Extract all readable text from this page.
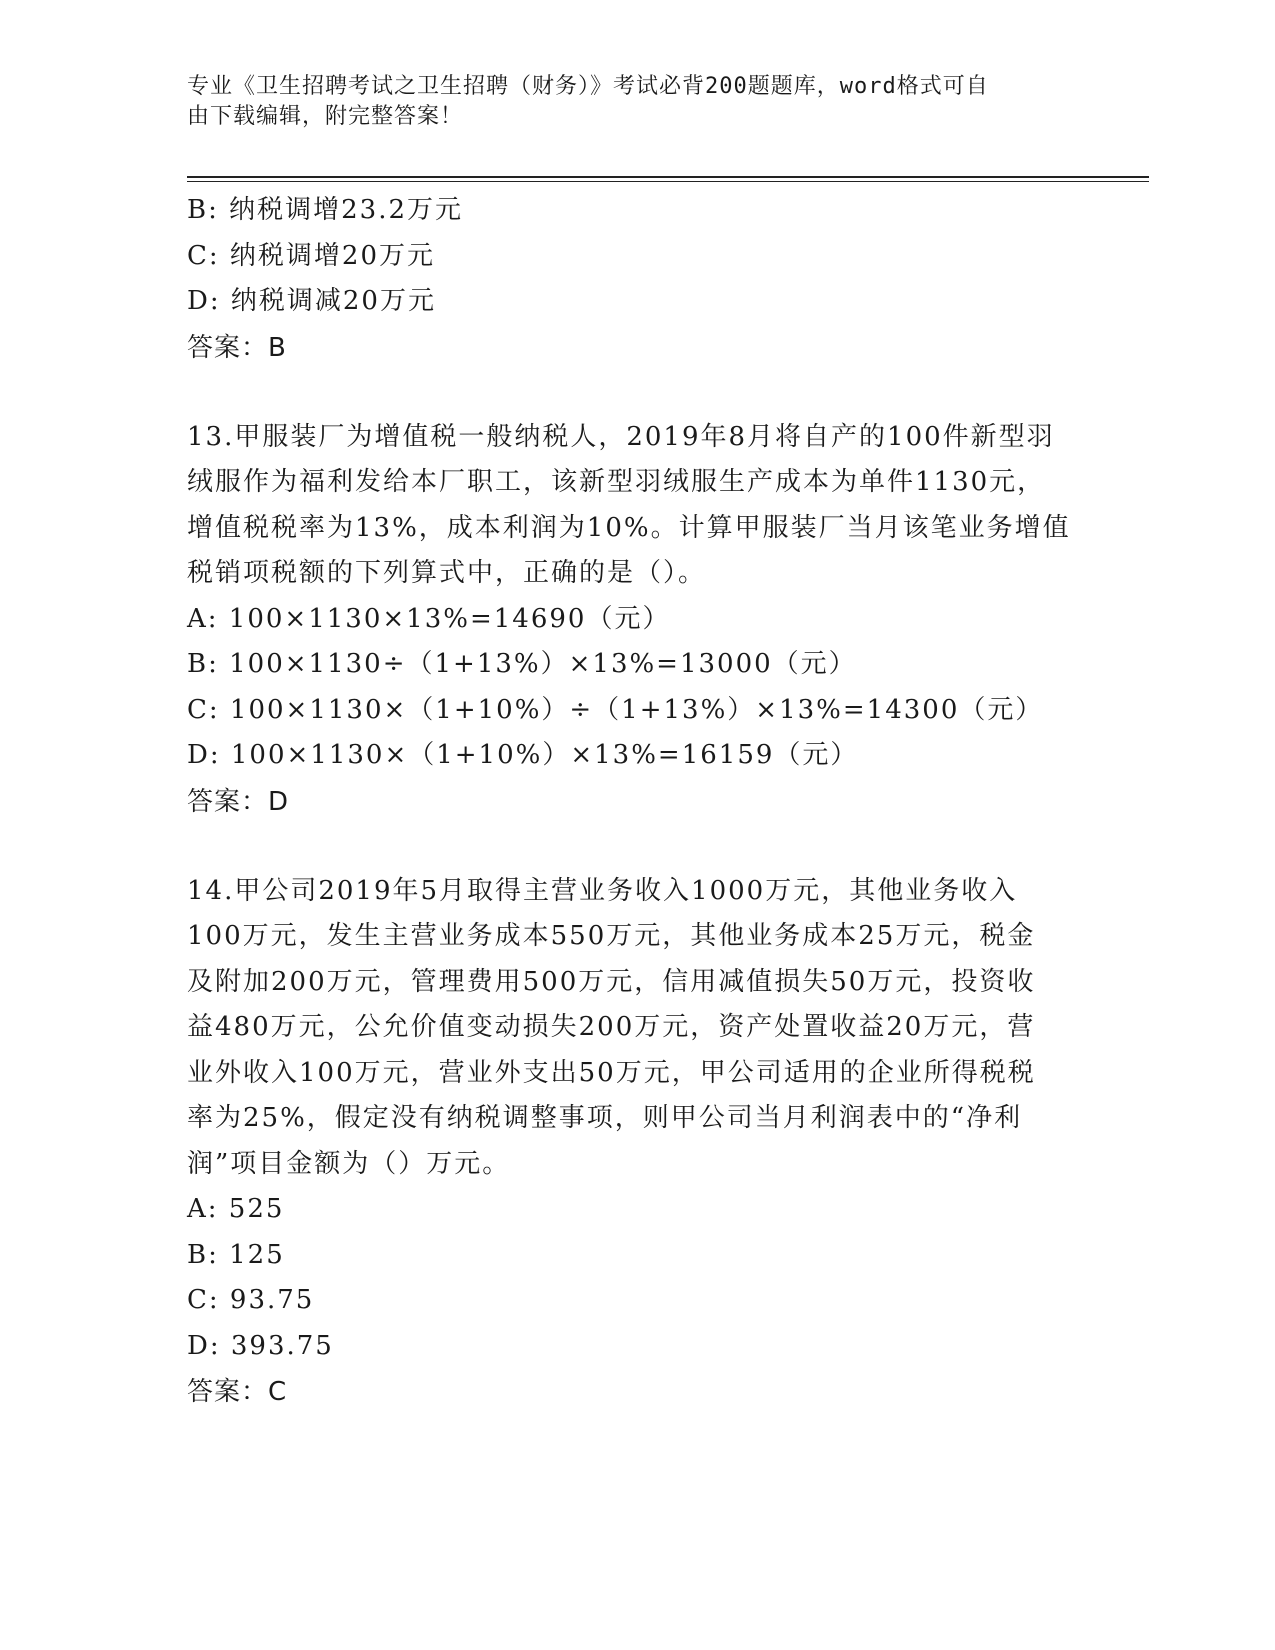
专业《卫生招聘考试之卫生招聘（财务）》考试必背200题题库，word格式可自
由下载编辑，附完整答案！
B: 纳税调增23.2万元
C: 纳税调增20万元
D: 纳税调减20万元
答案：B
13.甲服装厂为增值税一般纳税人，2019年8月将自产的100件新型羽
绒服作为福利发给本厂职工，该新型羽绒服生产成本为单件1130元，
增值税税率为13%，成本利润为10%。计算甲服装厂当月该笔业务增值
税销项税额的下列算式中，正确的是（）。
A: 100×1130×13%=14690（元）
B: 100×1130÷（1+13%）×13%=13000（元）
C: 100×1130×（1+10%）÷（1+13%）×13%=14300（元）
D: 100×1130×（1+10%）×13%=16159（元）
答案：D
14.甲公司2019年5月取得主营业务收入1000万元，其他业务收入
100万元，发生主营业务成本550万元，其他业务成本25万元，税金
及附加200万元，管理费用500万元，信用减值损失50万元，投资收
益480万元，公允价值变动损失200万元，资产处置收益20万元，营
业外收入100万元，营业外支出50万元，甲公司适用的企业所得税税
率为25%，假定没有纳税调整事项，则甲公司当月利润表中的“净利
润”项目金额为（）万元。
A: 525
B: 125
C: 93.75
D: 393.75
答案：C
